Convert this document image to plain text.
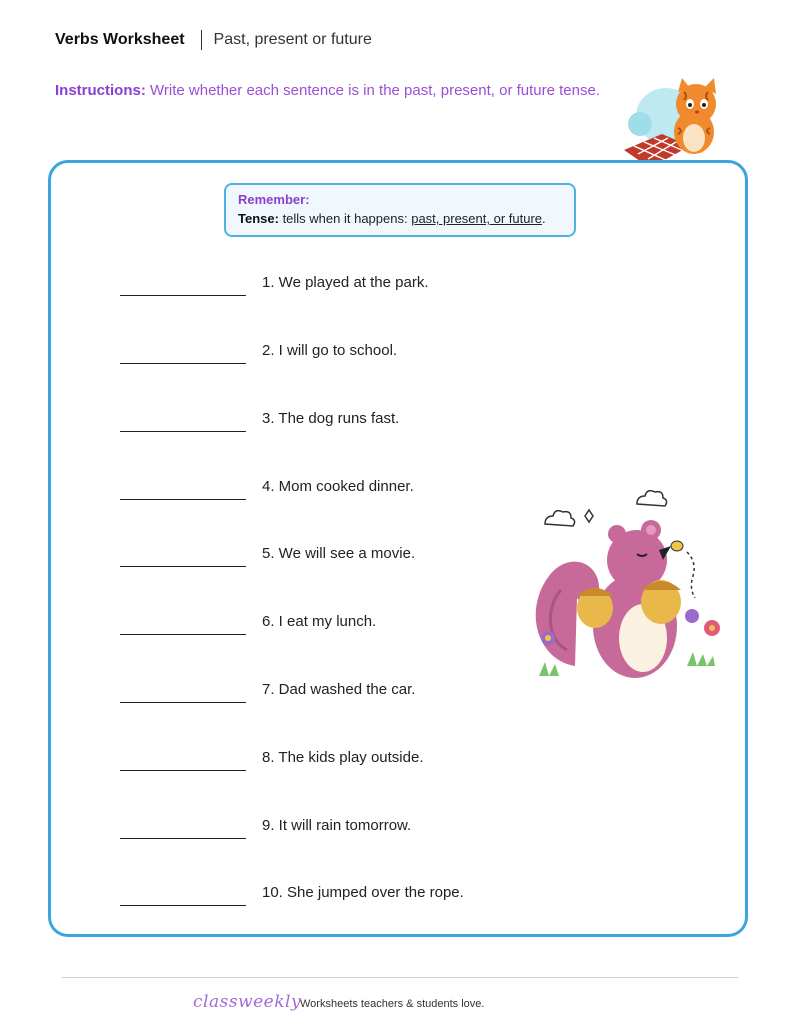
Verbs Worksheet Past, present or future
Instructions: Write whether each sentence is in the past, present, or future tense.
Remember:
Tense: tells when it happens: past, present, or future.
1. We played at the park.
2. I will go to school.
3. The dog runs fast.
4. Mom cooked dinner.
5. We will see a movie.
6. I eat my lunch.
7. Dad washed the car.
8. The kids play outside.
9. It will rain tomorrow.
10. She jumped over the rope.
classweekly
Worksheets teachers & students love.
